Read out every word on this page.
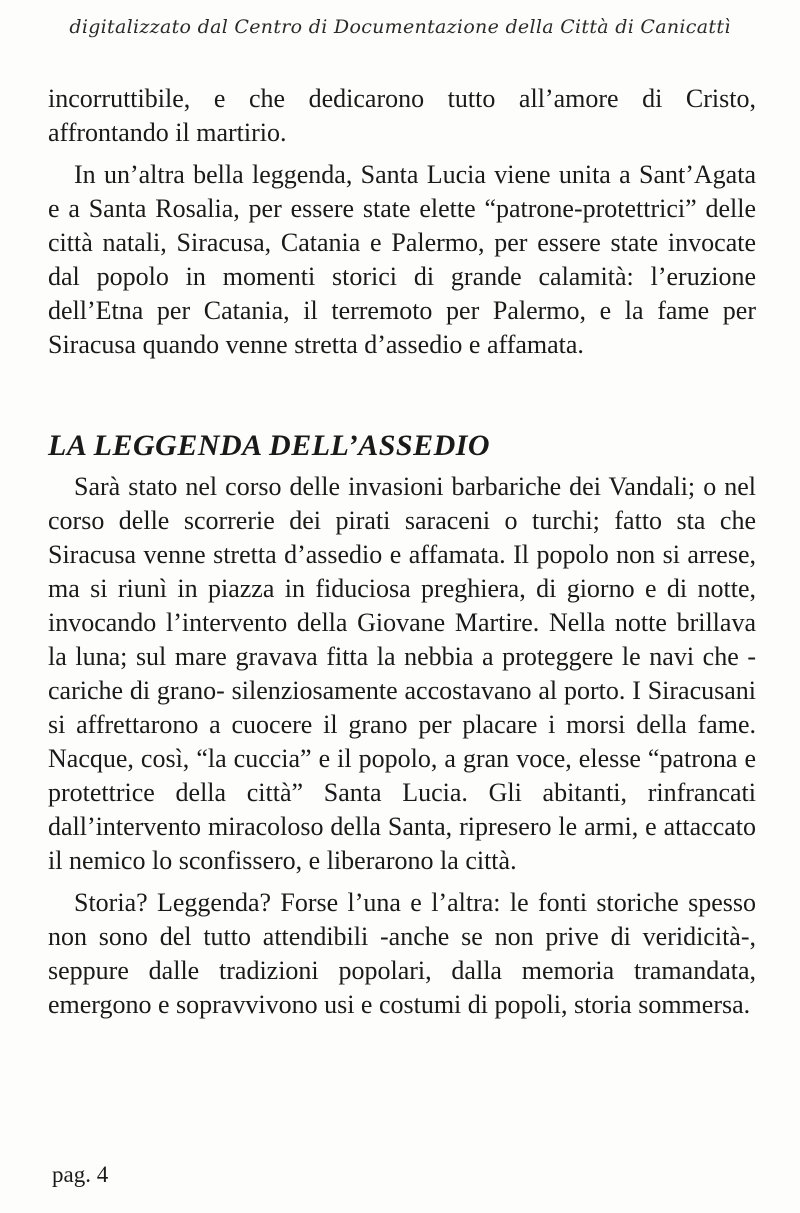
digitalizzato dal Centro di Documentazione della Città di Canicattì

incorruttibile, e che dedicarono tutto all’amore di Cristo, affrontando il martirio.

In un’altra bella leggenda, Santa Lucia viene unita a Sant’Agata e a Santa Rosalia, per essere state elette “patrone-protettrici” delle città natali, Siracusa, Catania e Palermo, per essere state invocate dal popolo in momenti storici di grande calamità: l’eruzione dell’Etna per Catania, il terremoto per Palermo, e la fame per Siracusa quando venne stretta d’assedio e affamata.

LA LEGGENDA DELL’ASSEDIO

Sarà stato nel corso delle invasioni barbariche dei Vandali; o nel corso delle scorrerie dei pirati saraceni o turchi; fatto sta che Siracusa venne stretta d’assedio e affamata. Il popolo non si arrese, ma si riunì in piazza in fiduciosa preghiera, di giorno e di notte, invocando l’intervento della Giovane Martire. Nella notte brillava la luna; sul mare gravava fitta la nebbia a proteggere le navi che -cariche di grano- silenziosamente accostavano al porto. I Siracusani si affrettarono a cuocere il grano per placare i morsi della fame. Nacque, così, “la cuccia” e il popolo, a gran voce, elesse “patrona e protettrice della città” Santa Lucia. Gli abitanti, rinfrancati dall’intervento miracoloso della Santa, ripresero le armi, e attaccato il nemico lo sconfissero, e liberarono la città.

Storia? Leggenda? Forse l’una e l’altra: le fonti storiche spesso non sono del tutto attendibili -anche se non prive di veridicità-, seppure dalle tradizioni popolari, dalla memoria tramandata, emergono e sopravvivono usi e costumi di popoli, storia sommersa.

pag. 4
